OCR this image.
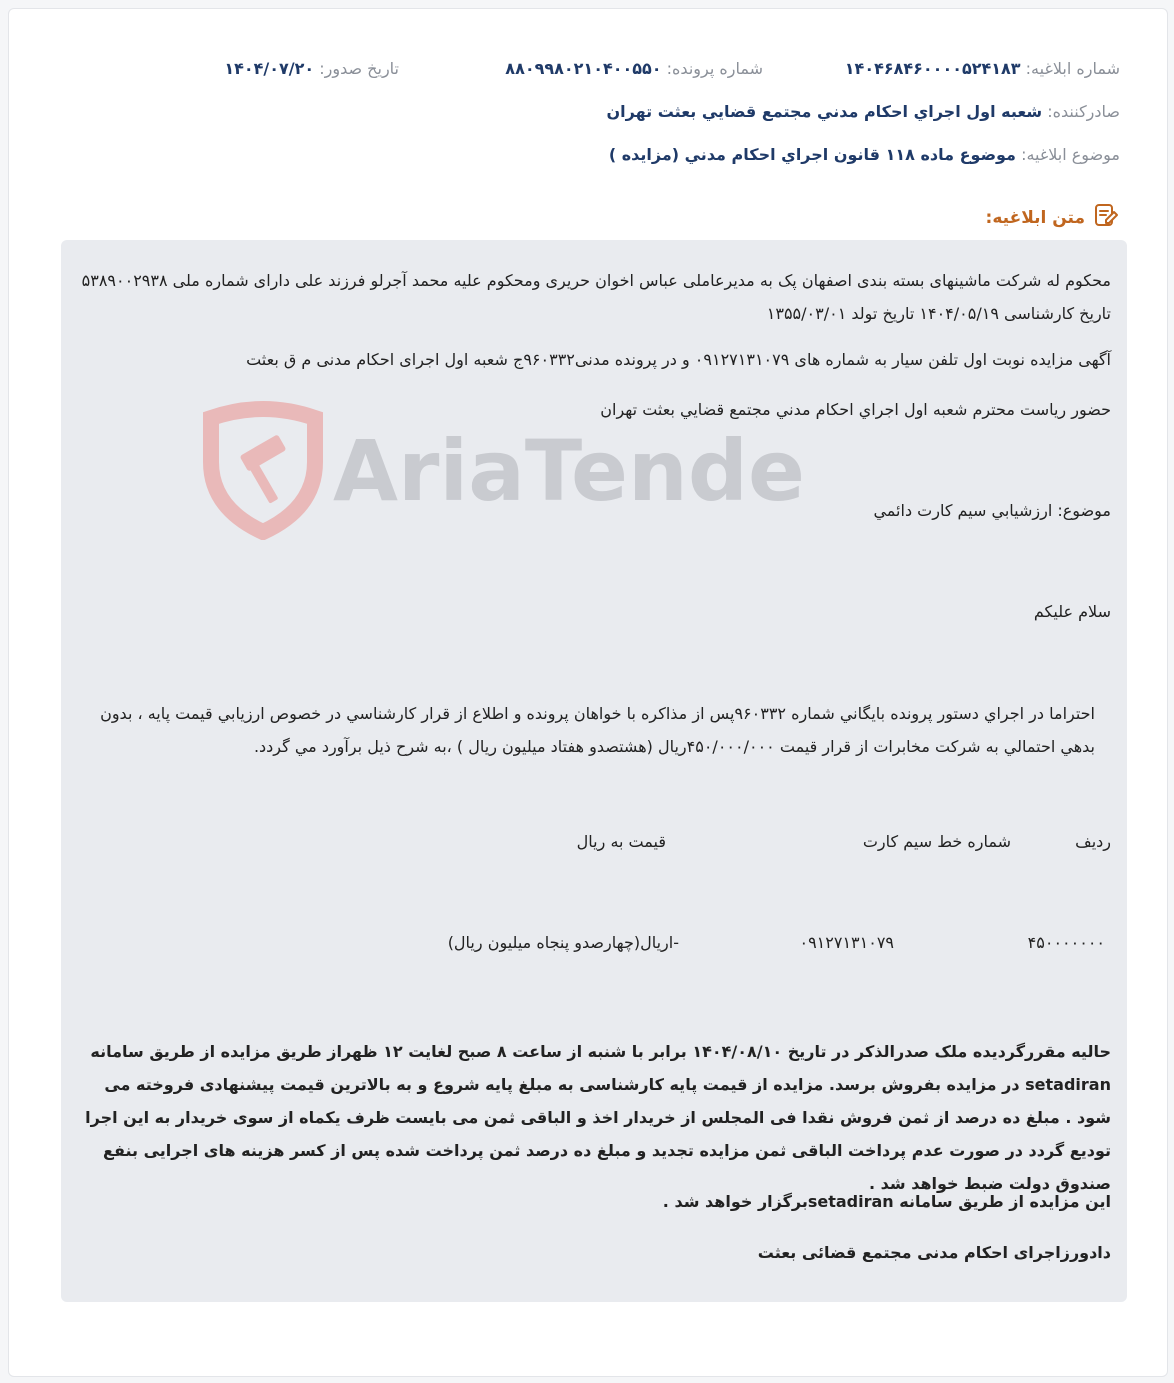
شماره ابلاغیه: ۱۴۰۴۶۸۴۶۰۰۰۰۵۲۴۱۸۳
شماره پرونده: ۸۸۰۹۹۸۰۲۱۰۴۰۰۵۵۰
تاریخ صدور: ۱۴۰۴/۰۷/۲۰
صادرکننده: شعبه اول اجراي احكام مدني مجتمع قضايي بعثت تهران
موضوع ابلاغیه: موضوع ماده ۱۱۸ قانون اجراي احكام مدني (مزايده )
متن ابلاغیه:
AriaTende
محکوم له شرکت ماشینهای بسته بندی اصفهان پک به مدیرعاملی عباس اخوان حریری ومحکوم علیه محمد آجرلو فرزند علی دارای شماره ملی ۵۳۸۹۰۰۲۹۳۸ تاریخ کارشناسی ۱۴۰۴/۰۵/۱۹ تاریخ تولد ۱۳۵۵/۰۳/۰۱
آگهی مزایده نوبت اول تلفن سیار به شماره های ۰۹۱۲۷۱۳۱۰۷۹ و در پرونده مدنی۹۶۰۳۳۲ج شعبه اول اجرای احکام مدنی م ق بعثت
حضور رياست محترم شعبه اول اجراي احكام مدني مجتمع قضايي بعثت تهران
موضوع: ارزشيابي سيم كارت دائمي
سلام عليكم
احتراما در اجراي دستور پرونده بايگاني شماره ۹۶۰۳۳۲پس از مذاكره با خواهان پرونده و اطلاع از قرار كارشناسي در خصوص ارزيابي قيمت پايه ، بدون بدهي احتمالي به شركت مخابرات از قرار قيمت ۴۵۰/۰۰۰/۰۰۰ريال (هشتصدو هفتاد ميليون ريال ) ،به شرح ذيل برآورد مي گردد.
رديف
شماره خط سيم كارت
قيمت به ريال
۴۵۰۰۰۰۰۰۰
۰۹۱۲۷۱۳۱۰۷۹
-اريال(چهارصدو پنجاه ميليون ريال)
حالیه مقررگردیده ملک صدرالذکر در تاریخ ۱۴۰۴/۰۸/۱۰ برابر با شنبه از ساعت ۸ صبح لغایت ۱۲ ظهراز طریق مزایده از طریق سامانه setadiran در مزایده بفروش برسد. مزایده از قیمت پایه کارشناسی به مبلغ پایه شروع و به بالاترین قیمت پیشنهادی فروخته می شود . مبلغ ده درصد از ثمن فروش نقدا فی المجلس از خریدار اخذ و الباقی ثمن می بایست ظرف یکماه از سوی خریدار به این اجرا تودیع گردد در صورت عدم پرداخت الباقی ثمن مزایده تجدید و مبلغ ده درصد ثمن پرداخت شده پس از کسر هزینه های اجرایی بنفع صندوق دولت ضبط خواهد شد .
این مزایده از طریق سامانه setadiranبرگزار خواهد شد .
دادورزاجرای احکام مدنی مجتمع قضائی بعثت
